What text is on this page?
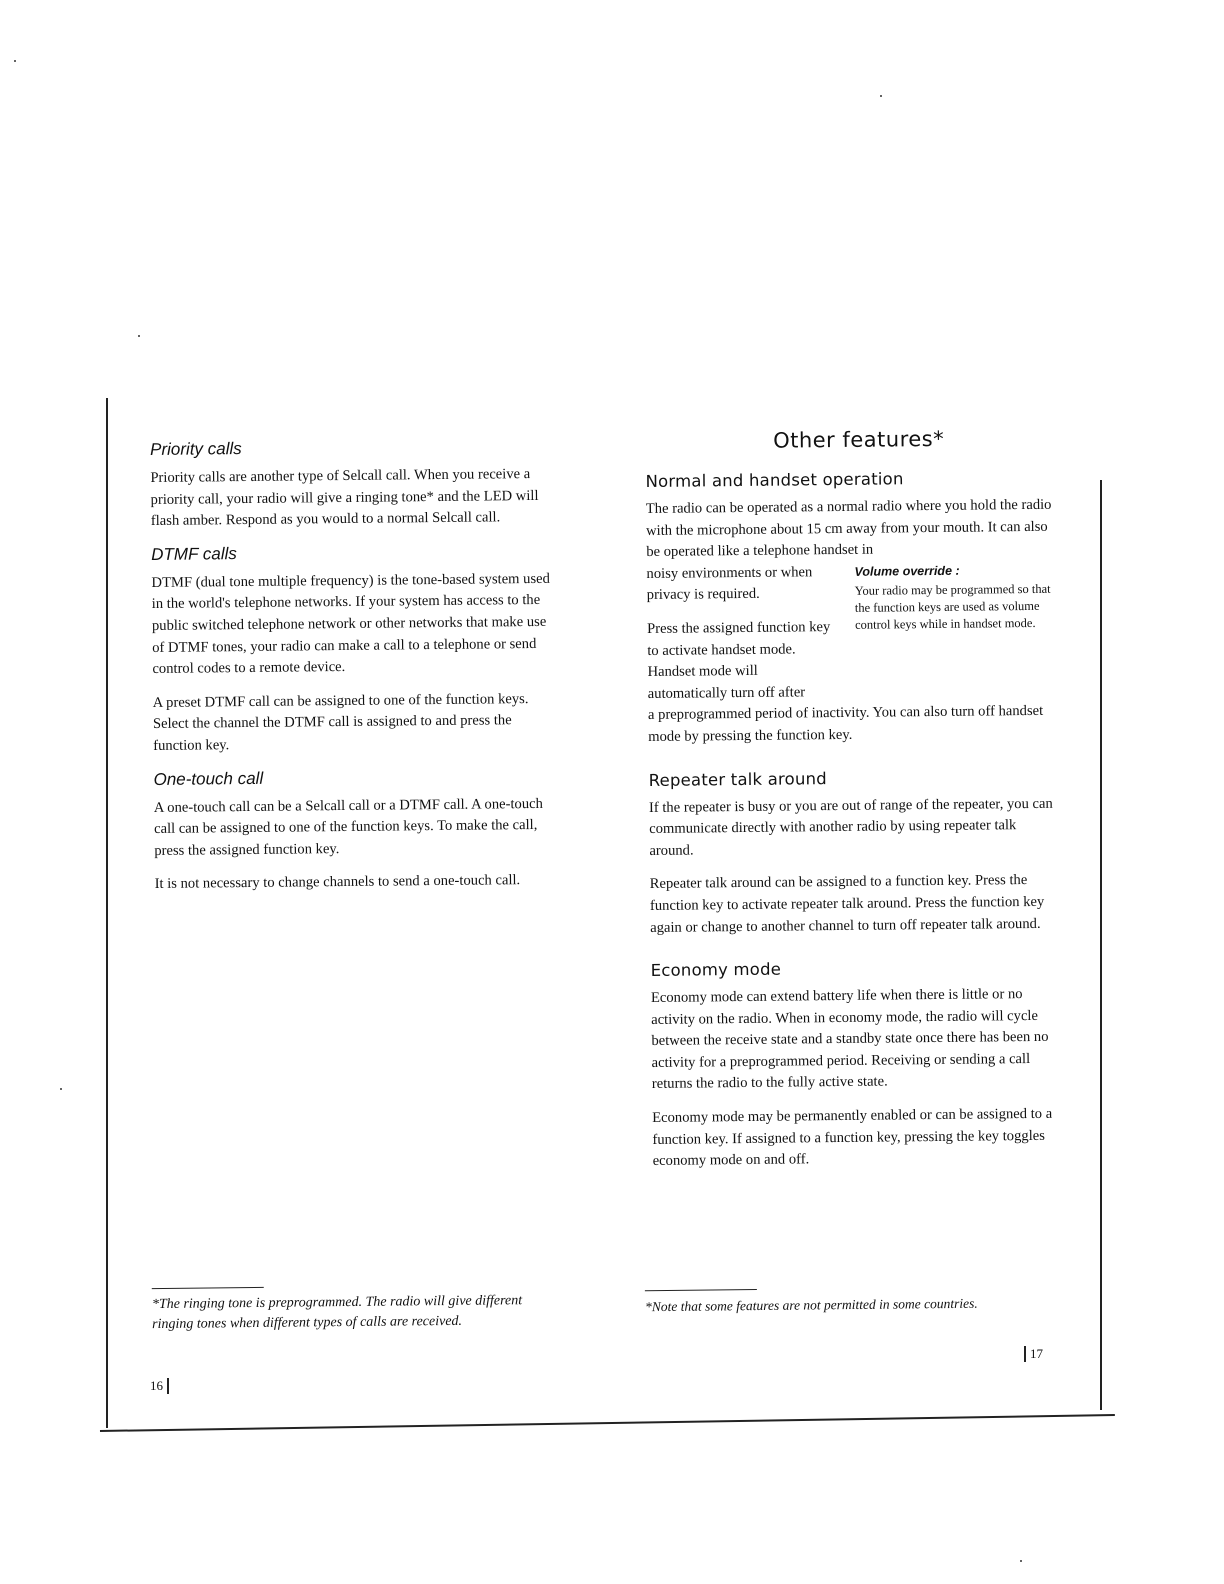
Priority calls

Priority calls are another type of Selcall call. When you receive a priority call, your radio will give a ringing tone* and the LED will flash amber. Respond as you would to a normal Selcall call.

DTMF calls

DTMF (dual tone multiple frequency) is the tone-based system used in the world's telephone networks. If your system has access to the public switched telephone network or other networks that make use of DTMF tones, your radio can make a call to a telephone or send control codes to a remote device.

A preset DTMF call can be assigned to one of the function keys. Select the channel the DTMF call is assigned to and press the function key.

One-touch call

A one-touch call can be a Selcall call or a DTMF call. A one-touch call can be assigned to one of the function keys. To make the call, press the assigned function key.

It is not necessary to change channels to send a one-touch call.

*The ringing tone is preprogrammed. The radio will give different ringing tones when different types of calls are received.

16
Other features*
Normal and handset operation

The radio can be operated as a normal radio where you hold the radio with the microphone about 15 cm away from your mouth. It can also be operated like a telephone handset in

noisy environments or when privacy is required.

Press the assigned function key to activate handset mode. Handset mode will automatically turn off after

Volume override :
Your radio may be programmed so that the function keys are used as volume control keys while in handset mode.

a preprogrammed period of inactivity. You can also turn off handset mode by pressing the function key.

Repeater talk around

If the repeater is busy or you are out of range of the repeater, you can communicate directly with another radio by using repeater talk around.

Repeater talk around can be assigned to a function key. Press the function key to activate repeater talk around. Press the function key again or change to another channel to turn off repeater talk around.

Economy mode

Economy mode can extend battery life when there is little or no activity on the radio. When in economy mode, the radio will cycle between the receive state and a standby state once there has been no activity for a preprogrammed period. Receiving or sending a call returns the radio to the fully active state.

Economy mode may be permanently enabled or can be assigned to a function key. If assigned to a function key, pressing the key toggles economy mode on and off.

*Note that some features are not permitted in some countries.

17
